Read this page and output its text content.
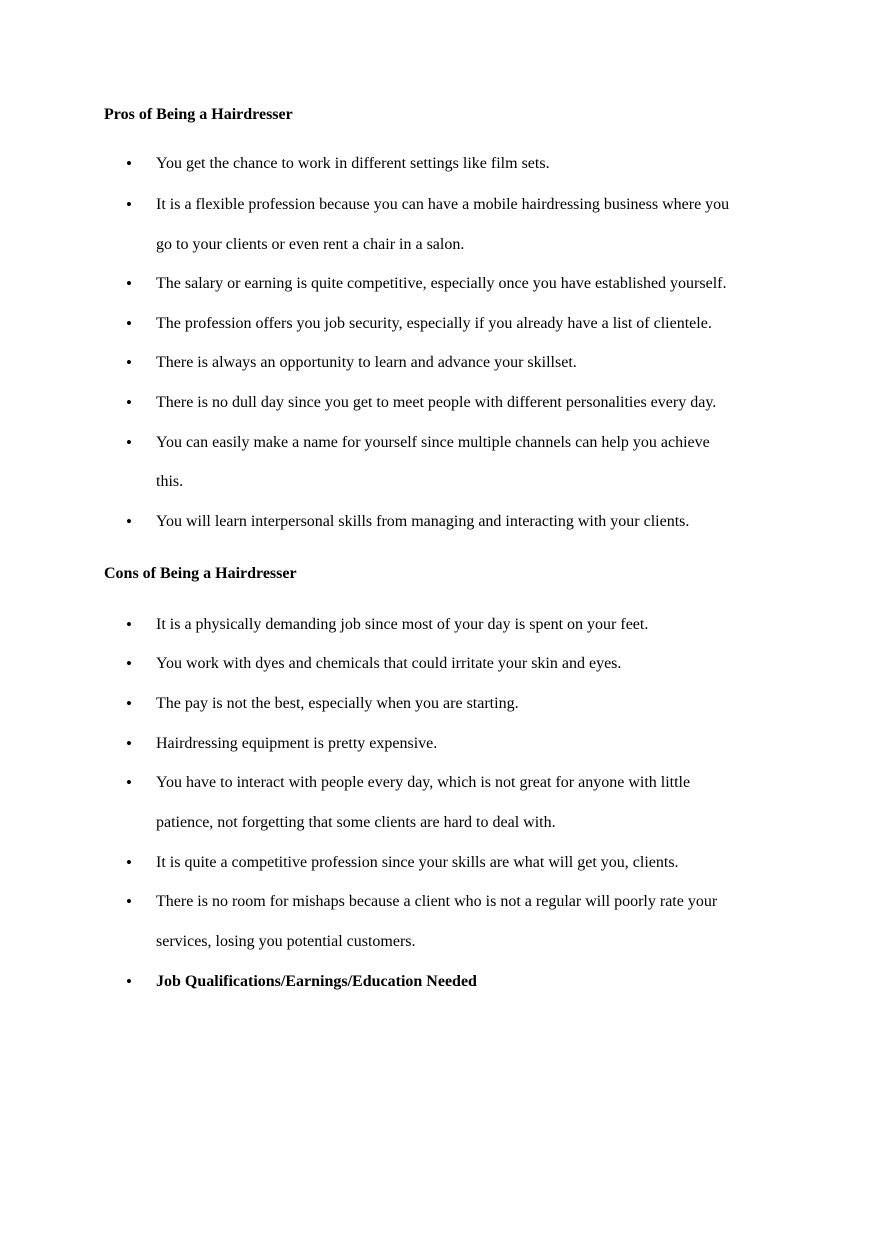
Pros of Being a Hairdresser
• You get the chance to work in different settings like film sets.
• It is a flexible profession because you can have a mobile hairdressing business where you
go to your clients or even rent a chair in a salon.
• The salary or earning is quite competitive, especially once you have established yourself.
• The profession offers you job security, especially if you already have a list of clientele.
• There is always an opportunity to learn and advance your skillset.
• There is no dull day since you get to meet people with different personalities every day.
• You can easily make a name for yourself since multiple channels can help you achieve
this.
• You will learn interpersonal skills from managing and interacting with your clients.
Cons of Being a Hairdresser
• It is a physically demanding job since most of your day is spent on your feet.
• You work with dyes and chemicals that could irritate your skin and eyes.
• The pay is not the best, especially when you are starting.
• Hairdressing equipment is pretty expensive.
• You have to interact with people every day, which is not great for anyone with little
patience, not forgetting that some clients are hard to deal with.
• It is quite a competitive profession since your skills are what will get you, clients.
• There is no room for mishaps because a client who is not a regular will poorly rate your
services, losing you potential customers.
• Job Qualifications/Earnings/Education Needed
